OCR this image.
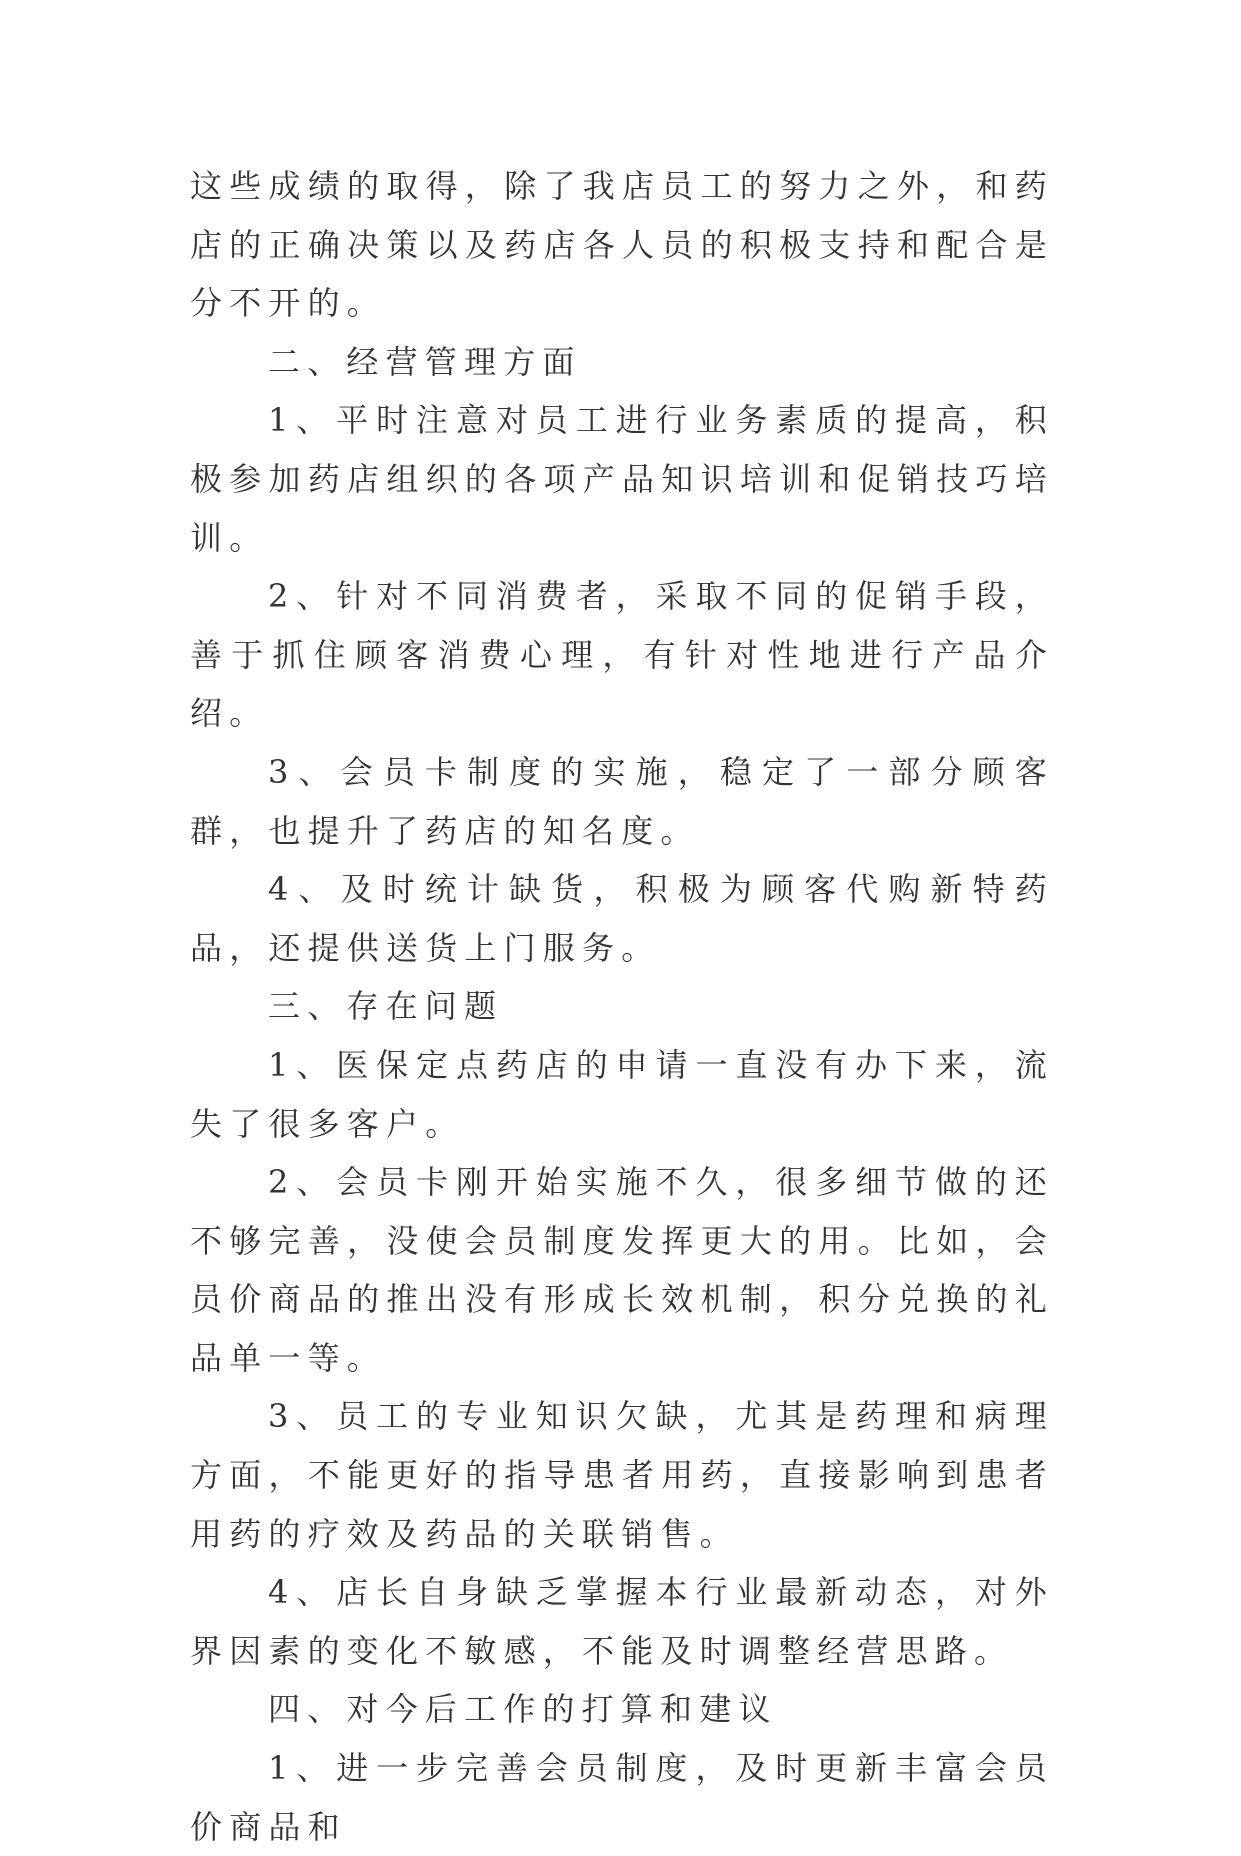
这些成绩的取得，除了我店员工的努力之外，和药店的正确决策以及药店各人员的积极支持和配合是分不开的。

二、经营管理方面

1、平时注意对员工进行业务素质的提高，积极参加药店组织的各项产品知识培训和促销技巧培训。

2、针对不同消费者，采取不同的促销手段，善于抓住顾客消费心理，有针对性地进行产品介绍。

3、会员卡制度的实施，稳定了一部分顾客群，也提升了药店的知名度。

4、及时统计缺货，积极为顾客代购新特药品，还提供送货上门服务。

三、存在问题

1、医保定点药店的申请一直没有办下来，流失了很多客户。

2、会员卡刚开始实施不久，很多细节做的还不够完善，没使会员制度发挥更大的用。比如，会员价商品的推出没有形成长效机制，积分兑换的礼品单一等。

3、员工的专业知识欠缺，尤其是药理和病理方面，不能更好的指导患者用药，直接影响到患者用药的疗效及药品的关联销售。

4、店长自身缺乏掌握本行业最新动态，对外界因素的变化不敏感，不能及时调整经营思路。

四、对今后工作的打算和建议

1、进一步完善会员制度，及时更新丰富会员价商品和
